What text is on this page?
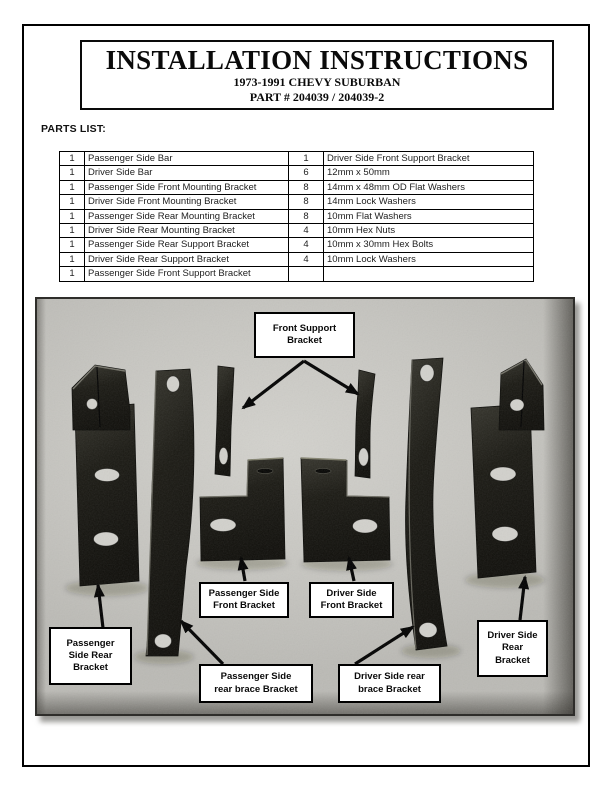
INSTALLATION INSTRUCTIONS
1973-1991 CHEVY SUBURBAN
PART # 204039 / 204039-2
PARTS LIST:
1	Passenger Side Bar	1	Driver Side Front Support Bracket
1	Driver Side Bar	6	12mm x 50mm
1	Passenger Side Front Mounting Bracket	8	14mm x 48mm OD Flat Washers
1	Driver Side Front Mounting Bracket	8	14mm Lock Washers
1	Passenger Side Rear Mounting Bracket	8	10mm Flat Washers
1	Driver Side Rear Mounting Bracket	4	10mm Hex Nuts
1	Passenger Side Rear Support Bracket	4	10mm x 30mm Hex Bolts
1	Driver Side Rear Support Bracket	4	10mm Lock Washers
1	Passenger Side Front Support Bracket		
Front Support
Bracket
Passenger Side
Front Bracket
Driver Side
Front Bracket
Passenger
Side Rear
Bracket
Passenger Side
rear brace Bracket
Driver Side rear
brace Bracket
Driver Side
Rear
Bracket
